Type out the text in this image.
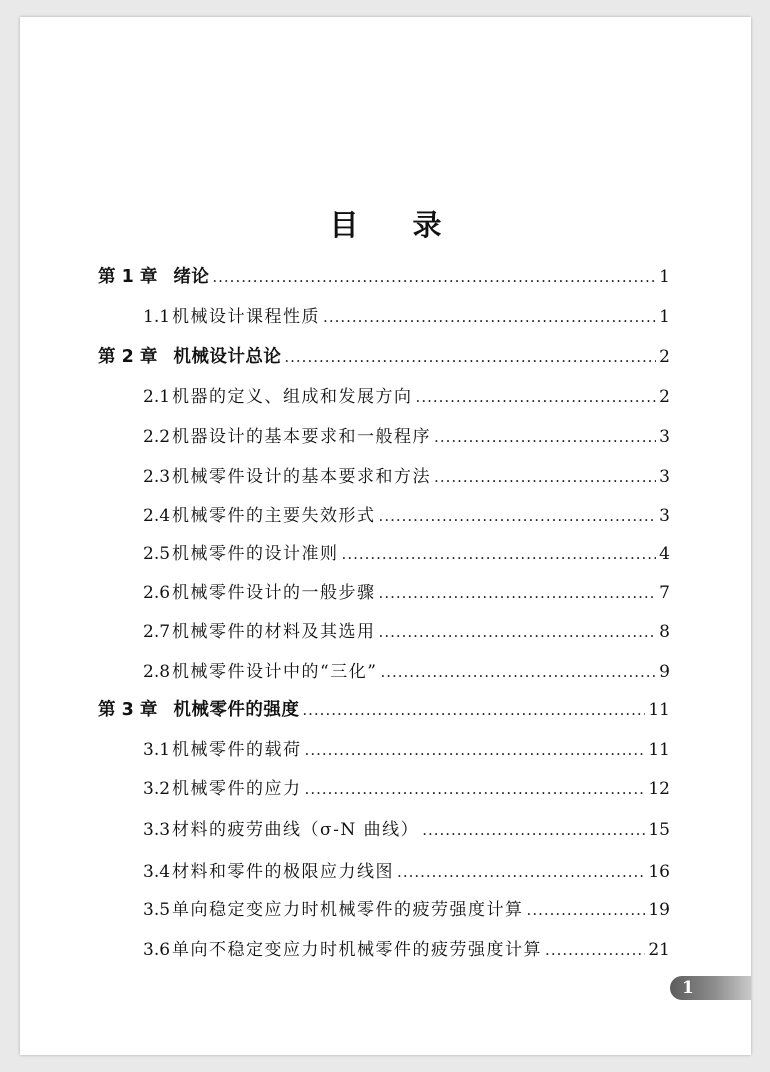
目 录
第 1 章 绪论 .....	1
1.1 机械设计课程性质 .....	1
第 2 章 机械设计总论 .....	2
2.1 机器的定义、组成和发展方向 .....	2
2.2 机器设计的基本要求和一般程序 .....	3
2.3 机械零件设计的基本要求和方法 .....	3
2.4 机械零件的主要失效形式 .....	3
2.5 机械零件的设计准则 .....	4
2.6 机械零件设计的一般步骤 .....	7
2.7 机械零件的材料及其选用 .....	8
2.8 机械零件设计中的“三化” .....	9
第 3 章 机械零件的强度 .....	11
3.1 机械零件的载荷 .....	11
3.2 机械零件的应力 .....	12
3.3 材料的疲劳曲线（σ-N 曲线） .....	15
3.4 材料和零件的极限应力线图 .....	16
3.5 单向稳定变应力时机械零件的疲劳强度计算 .....	19
3.6 单向不稳定变应力时机械零件的疲劳强度计算 .....	21
1
